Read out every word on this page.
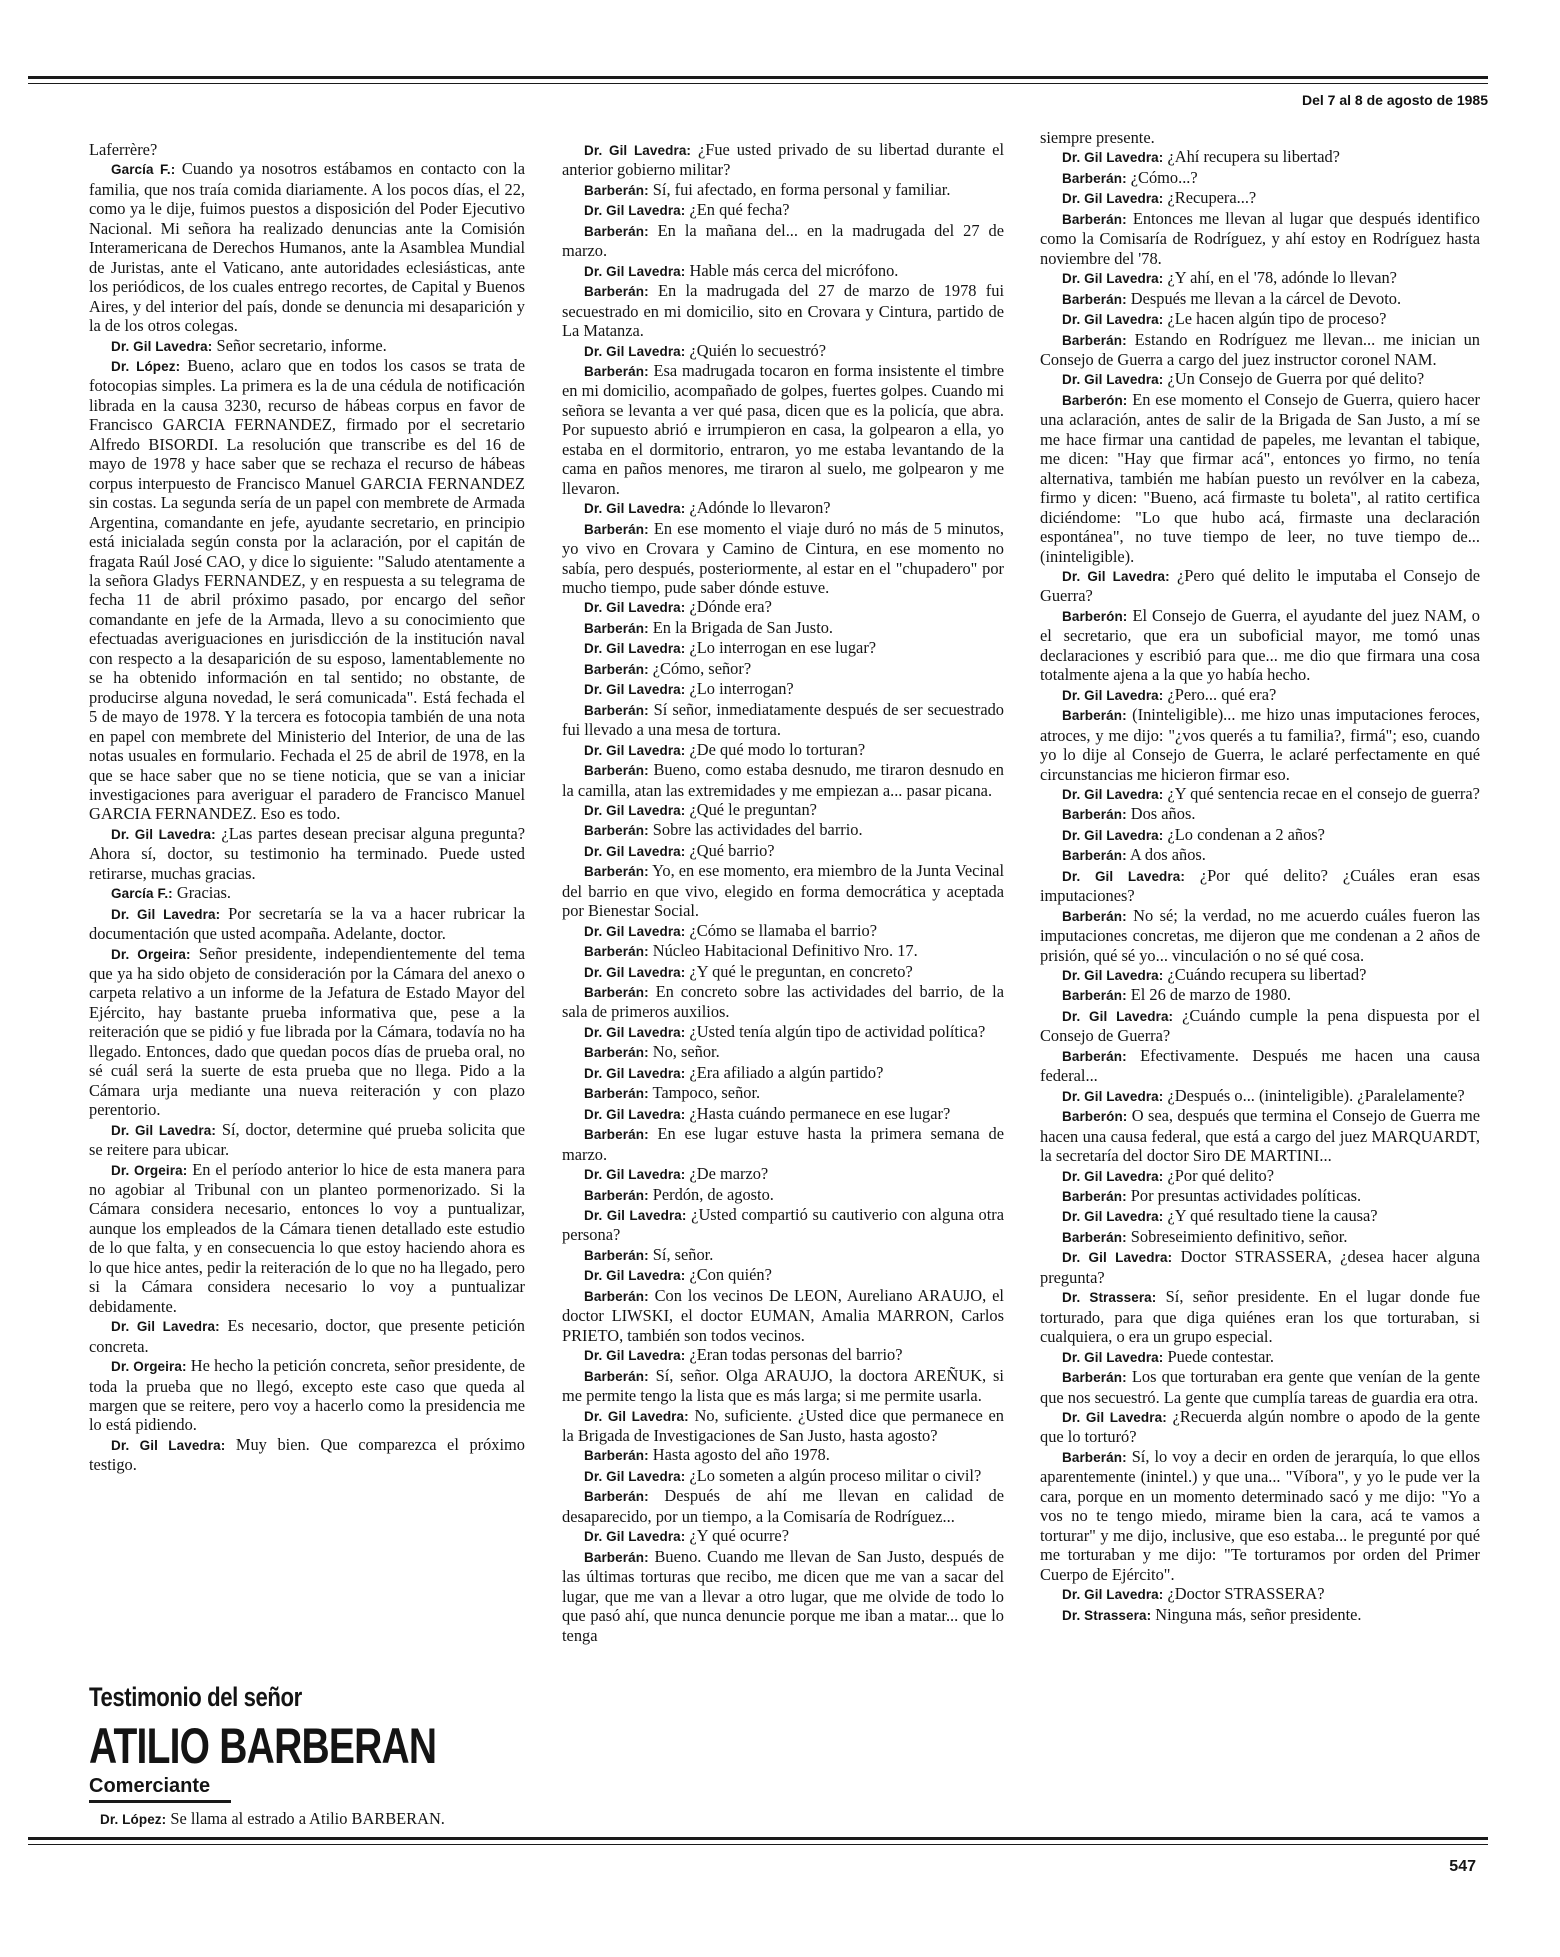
Del 7 al 8 de agosto de 1985

Laferrère?

García F.: Cuando ya nosotros estábamos en contacto con la familia, que nos traía comida diariamente. A los pocos días, el 22, como ya le dije, fuimos puestos a disposición del Poder Ejecutivo Nacional. Mi señora ha realizado denuncias ante la Comisión Interamericana de Derechos Humanos, ante la Asamblea Mundial de Juristas, ante el Vaticano, ante autoridades eclesiásticas, ante los periódicos, de los cuales entrego recortes, de Capital y Buenos Aires, y del interior del país, donde se denuncia mi desaparición y la de los otros colegas.

Dr. Gil Lavedra: Señor secretario, informe.

Dr. López: Bueno, aclaro que en todos los casos se trata de fotocopias simples. La primera es la de una cédula de notificación librada en la causa 3230, recurso de hábeas corpus en favor de Francisco GARCIA FERNANDEZ, firmado por el secretario Alfredo BISORDI. La resolución que transcribe es del 16 de mayo de 1978 y hace saber que se rechaza el recurso de hábeas corpus interpuesto de Francisco Manuel GARCIA FERNANDEZ sin costas. La segunda sería de un papel con membrete de Armada Argentina, comandante en jefe, ayudante secretario, en principio está inicialada según consta por la aclaración, por el capitán de fragata Raúl José CAO, y dice lo siguiente: "Saludo atentamente a la señora Gladys FERNANDEZ, y en respuesta a su telegrama de fecha 11 de abril próximo pasado, por encargo del señor comandante en jefe de la Armada, llevo a su conocimiento que efectuadas averiguaciones en jurisdicción de la institución naval con respecto a la desaparición de su esposo, lamentablemente no se ha obtenido información en tal sentido; no obstante, de producirse alguna novedad, le será comunicada". Está fechada el 5 de mayo de 1978. Y la tercera es fotocopia también de una nota en papel con membrete del Ministerio del Interior, de una de las notas usuales en formulario. Fechada el 25 de abril de 1978, en la que se hace saber que no se tiene noticia, que se van a iniciar investigaciones para averiguar el paradero de Francisco Manuel GARCIA FERNANDEZ. Eso es todo.

Dr. Gil Lavedra: ¿Las partes desean precisar alguna pregunta? Ahora sí, doctor, su testimonio ha terminado. Puede usted retirarse, muchas gracias.

García F.: Gracias.

Dr. Gil Lavedra: Por secretaría se la va a hacer rubricar la documentación que usted acompaña. Adelante, doctor.

Dr. Orgeira: Señor presidente, independientemente del tema que ya ha sido objeto de consideración por la Cámara del anexo o carpeta relativo a un informe de la Jefatura de Estado Mayor del Ejército, hay bastante prueba informativa que, pese a la reiteración que se pidió y fue librada por la Cámara, todavía no ha llegado. Entonces, dado que quedan pocos días de prueba oral, no sé cuál será la suerte de esta prueba que no llega. Pido a la Cámara urja mediante una nueva reiteración y con plazo perentorio.

Dr. Gil Lavedra: Sí, doctor, determine qué prueba solicita que se reitere para ubicar.

Dr. Orgeira: En el período anterior lo hice de esta manera para no agobiar al Tribunal con un planteo pormenorizado. Si la Cámara considera necesario, entonces lo voy a puntualizar, aunque los empleados de la Cámara tienen detallado este estudio de lo que falta, y en consecuencia lo que estoy haciendo ahora es lo que hice antes, pedir la reiteración de lo que no ha llegado, pero si la Cámara considera necesario lo voy a puntualizar debidamente.

Dr. Gil Lavedra: Es necesario, doctor, que presente petición concreta.

Dr. Orgeira: He hecho la petición concreta, señor presidente, de toda la prueba que no llegó, excepto este caso que queda al margen que se reitere, pero voy a hacerlo como la presidencia me lo está pidiendo.

Dr. Gil Lavedra: Muy bien. Que comparezca el próximo testigo.

Dr. Gil Lavedra: ¿Fue usted privado de su libertad durante el anterior gobierno militar?

Barberán: Sí, fui afectado, en forma personal y familiar.

Dr. Gil Lavedra: ¿En qué fecha?

Barberán: En la mañana del... en la madrugada del 27 de marzo.

Dr. Gil Lavedra: Hable más cerca del micrófono.

Barberán: En la madrugada del 27 de marzo de 1978 fui secuestrado en mi domicilio, sito en Crovara y Cintura, partido de La Matanza.

Dr. Gil Lavedra: ¿Quién lo secuestró?

Barberán: Esa madrugada tocaron en forma insistente el timbre en mi domicilio, acompañado de golpes, fuertes golpes. Cuando mi señora se levanta a ver qué pasa, dicen que es la policía, que abra. Por supuesto abrió e irrumpieron en casa, la golpearon a ella, yo estaba en el dormitorio, entraron, yo me estaba levantando de la cama en paños menores, me tiraron al suelo, me golpearon y me llevaron.

Dr. Gil Lavedra: ¿Adónde lo llevaron?

Barberán: En ese momento el viaje duró no más de 5 minutos, yo vivo en Crovara y Camino de Cintura, en ese momento no sabía, pero después, posteriormente, al estar en el "chupadero" por mucho tiempo, pude saber dónde estuve.

Dr. Gil Lavedra: ¿Dónde era?

Barberán: En la Brigada de San Justo.

Dr. Gil Lavedra: ¿Lo interrogan en ese lugar?

Barberán: ¿Cómo, señor?

Dr. Gil Lavedra: ¿Lo interrogan?

Barberán: Sí señor, inmediatamente después de ser secuestrado fui llevado a una mesa de tortura.

Dr. Gil Lavedra: ¿De qué modo lo torturan?

Barberán: Bueno, como estaba desnudo, me tiraron desnudo en la camilla, atan las extremidades y me empiezan a... pasar picana.

Dr. Gil Lavedra: ¿Qué le preguntan?

Barberán: Sobre las actividades del barrio.

Dr. Gil Lavedra: ¿Qué barrio?

Barberán: Yo, en ese momento, era miembro de la Junta Vecinal del barrio en que vivo, elegido en forma democrática y aceptada por Bienestar Social.

Dr. Gil Lavedra: ¿Cómo se llamaba el barrio?

Barberán: Núcleo Habitacional Definitivo Nro. 17.

Dr. Gil Lavedra: ¿Y qué le preguntan, en concreto?

Barberán: En concreto sobre las actividades del barrio, de la sala de primeros auxilios.

Dr. Gil Lavedra: ¿Usted tenía algún tipo de actividad política?

Barberán: No, señor.

Dr. Gil Lavedra: ¿Era afiliado a algún partido?

Barberán: Tampoco, señor.

Dr. Gil Lavedra: ¿Hasta cuándo permanece en ese lugar?

Barberán: En ese lugar estuve hasta la primera semana de marzo.

Dr. Gil Lavedra: ¿De marzo?

Barberán: Perdón, de agosto.

Dr. Gil Lavedra: ¿Usted compartió su cautiverio con alguna otra persona?

Barberán: Sí, señor.

Dr. Gil Lavedra: ¿Con quién?

Barberán: Con los vecinos De LEON, Aureliano ARAUJO, el doctor LIWSKI, el doctor EUMAN, Amalia MARRON, Carlos PRIETO, también son todos vecinos.

Dr. Gil Lavedra: ¿Eran todas personas del barrio?

Barberán: Sí, señor. Olga ARAUJO, la doctora AREÑUK, si me permite tengo la lista que es más larga; si me permite usarla.

Dr. Gil Lavedra: No, suficiente. ¿Usted dice que permanece en la Brigada de Investigaciones de San Justo, hasta agosto?

Barberán: Hasta agosto del año 1978.

Dr. Gil Lavedra: ¿Lo someten a algún proceso militar o civil?

Barberán: Después de ahí me llevan en calidad de desaparecido, por un tiempo, a la Comisaría de Rodríguez...

Dr. Gil Lavedra: ¿Y qué ocurre?

Barberán: Bueno. Cuando me llevan de San Justo, después de las últimas torturas que recibo, me dicen que me van a sacar del lugar, que me van a llevar a otro lugar, que me olvide de todo lo que pasó ahí, que nunca denuncie porque me iban a matar... que lo tenga

siempre presente.

Dr. Gil Lavedra: ¿Ahí recupera su libertad?

Barberán: ¿Cómo...?

Dr. Gil Lavedra: ¿Recupera...?

Barberán: Entonces me llevan al lugar que después identifico como la Comisaría de Rodríguez, y ahí estoy en Rodríguez hasta noviembre del '78.

Dr. Gil Lavedra: ¿Y ahí, en el '78, adónde lo llevan?

Barberán: Después me llevan a la cárcel de Devoto.

Dr. Gil Lavedra: ¿Le hacen algún tipo de proceso?

Barberán: Estando en Rodríguez me llevan... me inician un Consejo de Guerra a cargo del juez instructor coronel NAM.

Dr. Gil Lavedra: ¿Un Consejo de Guerra por qué delito?

Barberón: En ese momento el Consejo de Guerra, quiero hacer una aclaración, antes de salir de la Brigada de San Justo, a mí se me hace firmar una cantidad de papeles, me levantan el tabique, me dicen: "Hay que firmar acá", entonces yo firmo, no tenía alternativa, también me habían puesto un revólver en la cabeza, firmo y dicen: "Bueno, acá firmaste tu boleta", al ratito certifica diciéndome: "Lo que hubo acá, firmaste una declaración espontánea", no tuve tiempo de leer, no tuve tiempo de... (ininteligible).

Dr. Gil Lavedra: ¿Pero qué delito le imputaba el Consejo de Guerra?

Barberón: El Consejo de Guerra, el ayudante del juez NAM, o el secretario, que era un suboficial mayor, me tomó unas declaraciones y escribió para que... me dio que firmara una cosa totalmente ajena a la que yo había hecho.

Dr. Gil Lavedra: ¿Pero... qué era?

Barberán: (Ininteligible)... me hizo unas imputaciones feroces, atroces, y me dijo: "¿vos querés a tu familia?, firmá"; eso, cuando yo lo dije al Consejo de Guerra, le aclaré perfectamente en qué circunstancias me hicieron firmar eso.

Dr. Gil Lavedra: ¿Y qué sentencia recae en el consejo de guerra?

Barberán: Dos años.

Dr. Gil Lavedra: ¿Lo condenan a 2 años?

Barberán: A dos años.

Dr. Gil Lavedra: ¿Por qué delito? ¿Cuáles eran esas imputaciones?

Barberán: No sé; la verdad, no me acuerdo cuáles fueron las imputaciones concretas, me dijeron que me condenan a 2 años de prisión, qué sé yo... vinculación o no sé qué cosa.

Dr. Gil Lavedra: ¿Cuándo recupera su libertad?

Barberán: El 26 de marzo de 1980.

Dr. Gil Lavedra: ¿Cuándo cumple la pena dispuesta por el Consejo de Guerra?

Barberán: Efectivamente. Después me hacen una causa federal...

Dr. Gil Lavedra: ¿Después o... (ininteligible). ¿Paralelamente?

Barberón: O sea, después que termina el Consejo de Guerra me hacen una causa federal, que está a cargo del juez MARQUARDT, la secretaría del doctor Siro DE MARTINI...

Dr. Gil Lavedra: ¿Por qué delito?

Barberán: Por presuntas actividades políticas.

Dr. Gil Lavedra: ¿Y qué resultado tiene la causa?

Barberán: Sobreseimiento definitivo, señor.

Dr. Gil Lavedra: Doctor STRASSERA, ¿desea hacer alguna pregunta?

Dr. Strassera: Sí, señor presidente. En el lugar donde fue torturado, para que diga quiénes eran los que torturaban, si cualquiera, o era un grupo especial.

Dr. Gil Lavedra: Puede contestar.

Barberán: Los que torturaban era gente que venían de la gente que nos secuestró. La gente que cumplía tareas de guardia era otra.

Dr. Gil Lavedra: ¿Recuerda algún nombre o apodo de la gente que lo torturó?

Barberán: Sí, lo voy a decir en orden de jerarquía, lo que ellos aparentemente (inintel.) y que una... "Víbora", y yo le pude ver la cara, porque en un momento determinado sacó y me dijo: "Yo a vos no te tengo miedo, mirame bien la cara, acá te vamos a torturar" y me dijo, inclusive, que eso estaba... le pregunté por qué me torturaban y me dijo: "Te torturamos por orden del Primer Cuerpo de Ejército".

Dr. Gil Lavedra: ¿Doctor STRASSERA?

Dr. Strassera: Ninguna más, señor presidente.

Testimonio del señor
ATILIO BARBERAN
Comerciante
Dr. López: Se llama al estrado a Atilio BARBERAN.
547
